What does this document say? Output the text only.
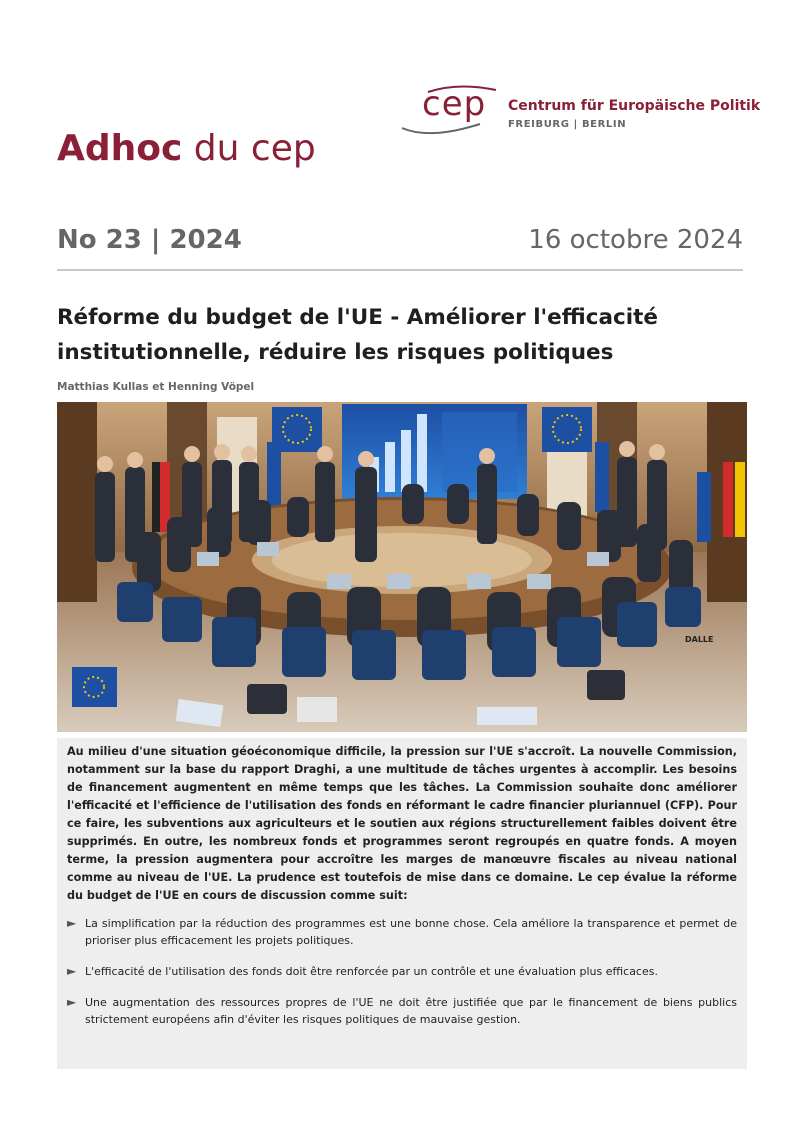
cep Centrum für Europäische Politik
FREIBURG | BERLIN
Adhoc du cep
No 23 | 2024	16 octobre 2024
Réforme du budget de l'UE - Améliorer l'efficacité
institutionnelle, réduire les risques politiques
Matthias Kullas et Henning Vöpel
DALLE

Au milieu d'une situation géoéconomique difficile, la pression sur l'UE s'accroît. La nouvelle Commission, notamment sur la base du rapport Draghi, a une multitude de tâches urgentes à accomplir. Les besoins de financement augmentent en même temps que les tâches. La Commission souhaite donc améliorer l'efficacité et l'efficience de l'utilisation des fonds en réformant le cadre financier pluriannuel (CFP). Pour ce faire, les subventions aux agriculteurs et le soutien aux régions structurellement faibles doivent être supprimés. En outre, les nombreux fonds et programmes seront regroupés en quatre fonds. A moyen terme, la pression augmentera pour accroître les marges de manœuvre fiscales au niveau national comme au niveau de l'UE. La prudence est toutefois de mise dans ce domaine. Le cep évalue la réforme du budget de l'UE en cours de discussion comme suit:

► La simplification par la réduction des programmes est une bonne chose. Cela améliore la transparence et permet de prioriser plus efficacement les projets politiques.
► L'efficacité de l'utilisation des fonds doit être renforcée par un contrôle et une évaluation plus efficaces.
► Une augmentation des ressources propres de l'UE ne doit être justifiée que par le financement de biens publics strictement européens afin d'éviter les risques politiques de mauvaise gestion.
